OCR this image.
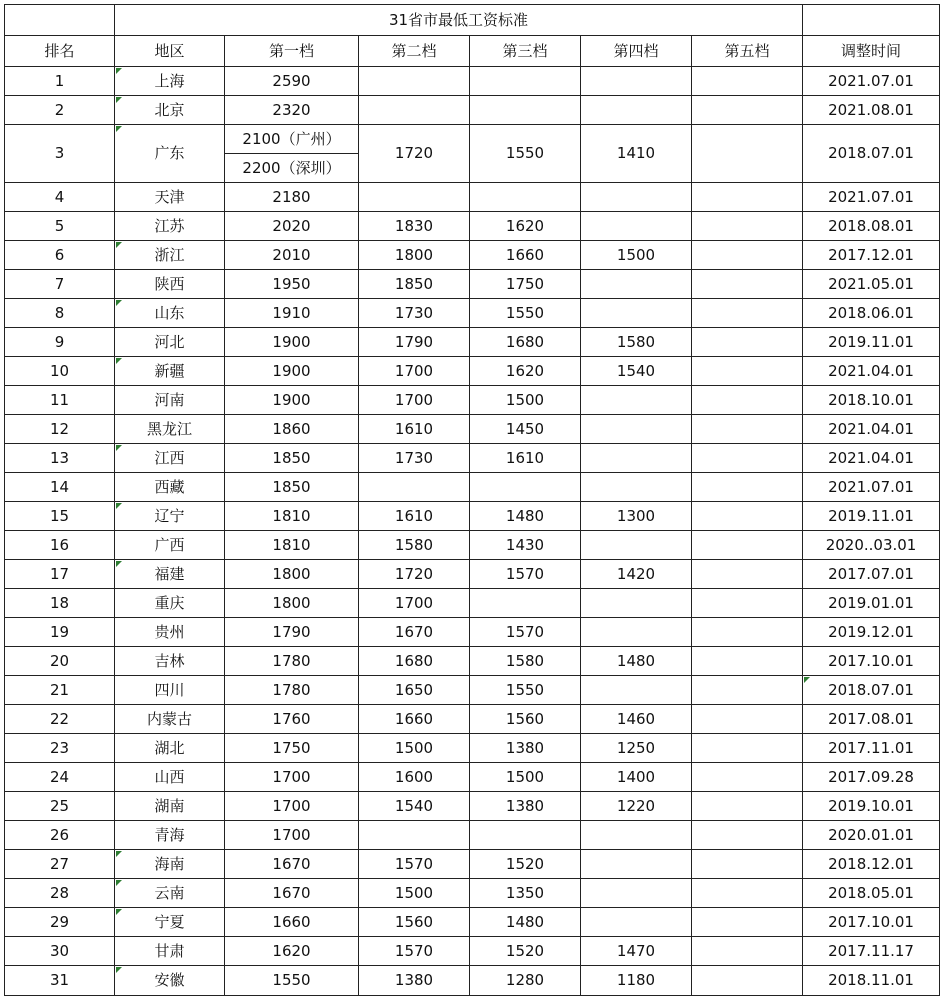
	31省市最低工资标准						
排名	地区	第一档	第二档	第三档	第四档	第五档	调整时间
1	上海	2590					2021.07.01
2	北京	2320					2021.08.01
3	广东	2100（广州）	1720	1550	1410		2018.07.01
		2200（深圳）					
4	天津	2180					2021.07.01
5	江苏	2020	1830	1620			2018.08.01
6	浙江	2010	1800	1660	1500		2017.12.01
7	陕西	1950	1850	1750			2021.05.01
8	山东	1910	1730	1550			2018.06.01
9	河北	1900	1790	1680	1580		2019.11.01
10	新疆	1900	1700	1620	1540		2021.04.01
11	河南	1900	1700	1500			2018.10.01
12	黑龙江	1860	1610	1450			2021.04.01
13	江西	1850	1730	1610			2021.04.01
14	西藏	1850					2021.07.01
15	辽宁	1810	1610	1480	1300		2019.11.01
16	广西	1810	1580	1430			2020..03.01
17	福建	1800	1720	1570	1420		2017.07.01
18	重庆	1800	1700				2019.01.01
19	贵州	1790	1670	1570			2019.12.01
20	吉林	1780	1680	1580	1480		2017.10.01
21	四川	1780	1650	1550			2018.07.01
22	内蒙古	1760	1660	1560	1460		2017.08.01
23	湖北	1750	1500	1380	1250		2017.11.01
24	山西	1700	1600	1500	1400		2017.09.28
25	湖南	1700	1540	1380	1220		2019.10.01
26	青海	1700					2020.01.01
27	海南	1670	1570	1520			2018.12.01
28	云南	1670	1500	1350			2018.05.01
29	宁夏	1660	1560	1480			2017.10.01
30	甘肃	1620	1570	1520	1470		2017.11.17
31	安徽	1550	1380	1280	1180		2018.11.01
